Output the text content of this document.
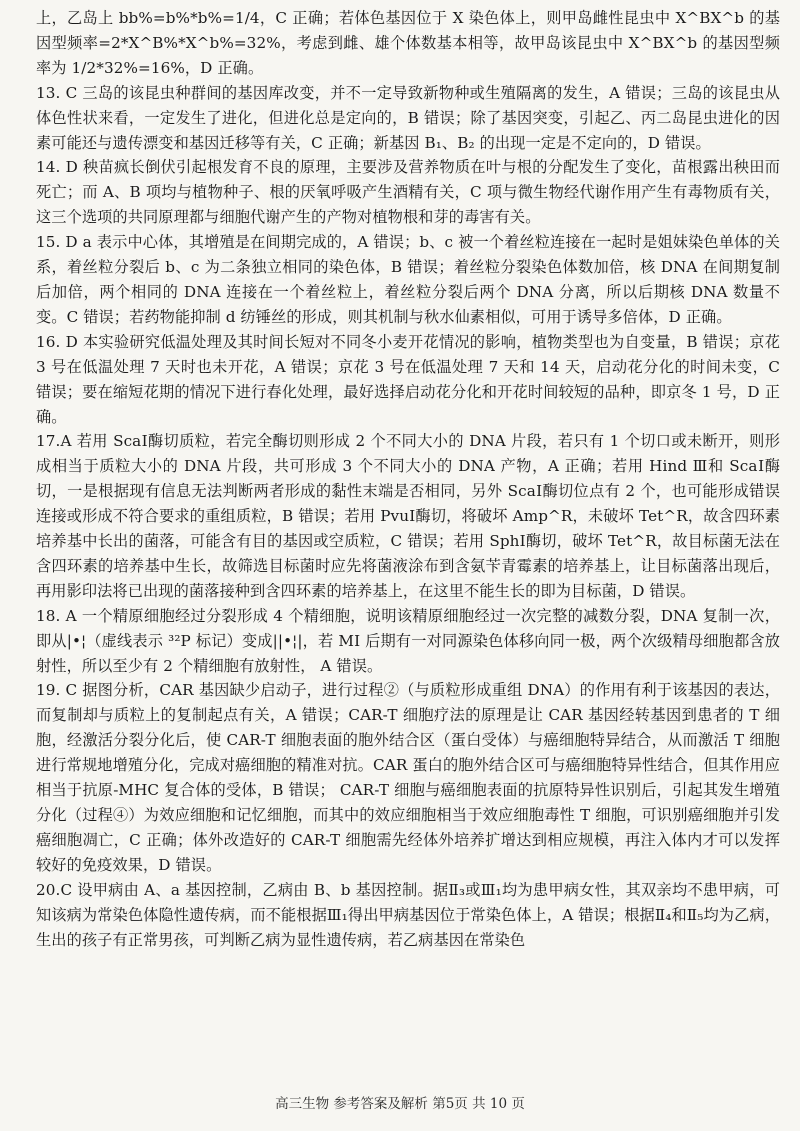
上，乙岛上 bb%=b%*b%=1/4，C 正确；若体色基因位于 X 染色体上，则甲岛雌性昆虫中 X^BX^b 的基因型频率=2*X^B%*X^b%=32%，考虑到雌、雄个体数基本相等，故甲岛该昆虫中 X^BX^b 的基因型频率为 1/2*32%=16%，D 正确。

13. C 三岛的该昆虫种群间的基因库改变，并不一定导致新物种或生殖隔离的发生，A 错误；三岛的该昆虫从体色性状来看，一定发生了进化，但进化总是定向的，B 错误；除了基因突变，引起乙、丙二岛昆虫进化的因素可能还与遗传漂变和基因迁移等有关，C 正确；新基因 B₁、B₂ 的出现一定是不定向的，D 错误。

14. D 秧苗疯长倒伏引起根发育不良的原理，主要涉及营养物质在叶与根的分配发生了变化，苗根露出秧田而死亡；而 A、B 项均与植物种子、根的厌氧呼吸产生酒精有关，C 项与微生物经代谢作用产生有毒物质有关，这三个选项的共同原理都与细胞代谢产生的产物对植物根和芽的毒害有关。

15. D a 表示中心体，其增殖是在间期完成的，A 错误；b、c 被一个着丝粒连接在一起时是姐妹染色单体的关系，着丝粒分裂后 b、c 为二条独立相同的染色体，B 错误；着丝粒分裂染色体数加倍，核 DNA 在间期复制后加倍，两个相同的 DNA 连接在一个着丝粒上，着丝粒分裂后两个 DNA 分离，所以后期核 DNA 数量不变。C 错误；若药物能抑制 d 纺锤丝的形成，则其机制与秋水仙素相似，可用于诱导多倍体，D 正确。

16. D 本实验研究低温处理及其时间长短对不同冬小麦开花情况的影响，植物类型也为自变量，B 错误；京花 3 号在低温处理 7 天时也未开花，A 错误；京花 3 号在低温处理 7 天和 14 天，启动花分化的时间未变，C 错误；要在缩短花期的情况下进行春化处理，最好选择启动花分化和开花时间较短的品种，即京冬 1 号，D 正确。

17.A 若用 ScaⅠ酶切质粒，若完全酶切则形成 2 个不同大小的 DNA 片段，若只有 1 个切口或未断开，则形成相当于质粒大小的 DNA 片段，共可形成 3 个不同大小的 DNA 产物，A 正确；若用 Hind Ⅲ和 ScaⅠ酶切，一是根据现有信息无法判断两者形成的黏性末端是否相同，另外 ScaⅠ酶切位点有 2 个，也可能形成错误连接或形成不符合要求的重组质粒，B 错误；若用 PvuⅠ酶切，将破坏 Amp^R，未破坏 Tet^R，故含四环素培养基中长出的菌落，可能含有目的基因或空质粒，C 错误；若用 SphⅠ酶切，破坏 Tet^R，故目标菌无法在含四环素的培养基中生长，故筛选目标菌时应先将菌液涂布到含氨苄青霉素的培养基上，让目标菌落出现后，再用影印法将已出现的菌落接种到含四环素的培养基上，在这里不能生长的即为目标菌，D 错误。

18. A 一个精原细胞经过分裂形成 4 个精细胞，说明该精原细胞经过一次完整的减数分裂，DNA 复制一次，即从|•¦（虚线表示 ³²P 标记）变成||•¦|，若 MI 后期有一对同源染色体移向同一极，两个次级精母细胞都含放射性，所以至少有 2 个精细胞有放射性， A 错误。

19. C 据图分析，CAR 基因缺少启动子，进行过程②（与质粒形成重组 DNA）的作用有利于该基因的表达，而复制却与质粒上的复制起点有关，A 错误；CAR-T 细胞疗法的原理是让 CAR 基因经转基因到患者的 T 细胞，经激活分裂分化后，使 CAR-T 细胞表面的胞外结合区（蛋白受体）与癌细胞特异结合，从而激活 T 细胞进行常规地增殖分化，完成对癌细胞的精准对抗。CAR 蛋白的胞外结合区可与癌细胞特异性结合，但其作用应相当于抗原-MHC 复合体的受体，B 错误； CAR-T 细胞与癌细胞表面的抗原特异性识别后，引起其发生增殖分化（过程④）为效应细胞和记忆细胞，而其中的效应细胞相当于效应细胞毒性 T 细胞，可识别癌细胞并引发癌细胞凋亡，C 正确；体外改造好的 CAR-T 细胞需先经体外培养扩增达到相应规模，再注入体内才可以发挥较好的免疫效果，D 错误。

20.C 设甲病由 A、a 基因控制，乙病由 B、b 基因控制。据Ⅱ₃或Ⅲ₁均为患甲病女性，其双亲均不患甲病，可知该病为常染色体隐性遗传病，而不能根据Ⅲ₁得出甲病基因位于常染色体上，A 错误；根据Ⅱ₄和Ⅱ₅均为乙病，生出的孩子有正常男孩，可判断乙病为显性遗传病，若乙病基因在常染色

高三生物 参考答案及解析 第5页 共 10 页
